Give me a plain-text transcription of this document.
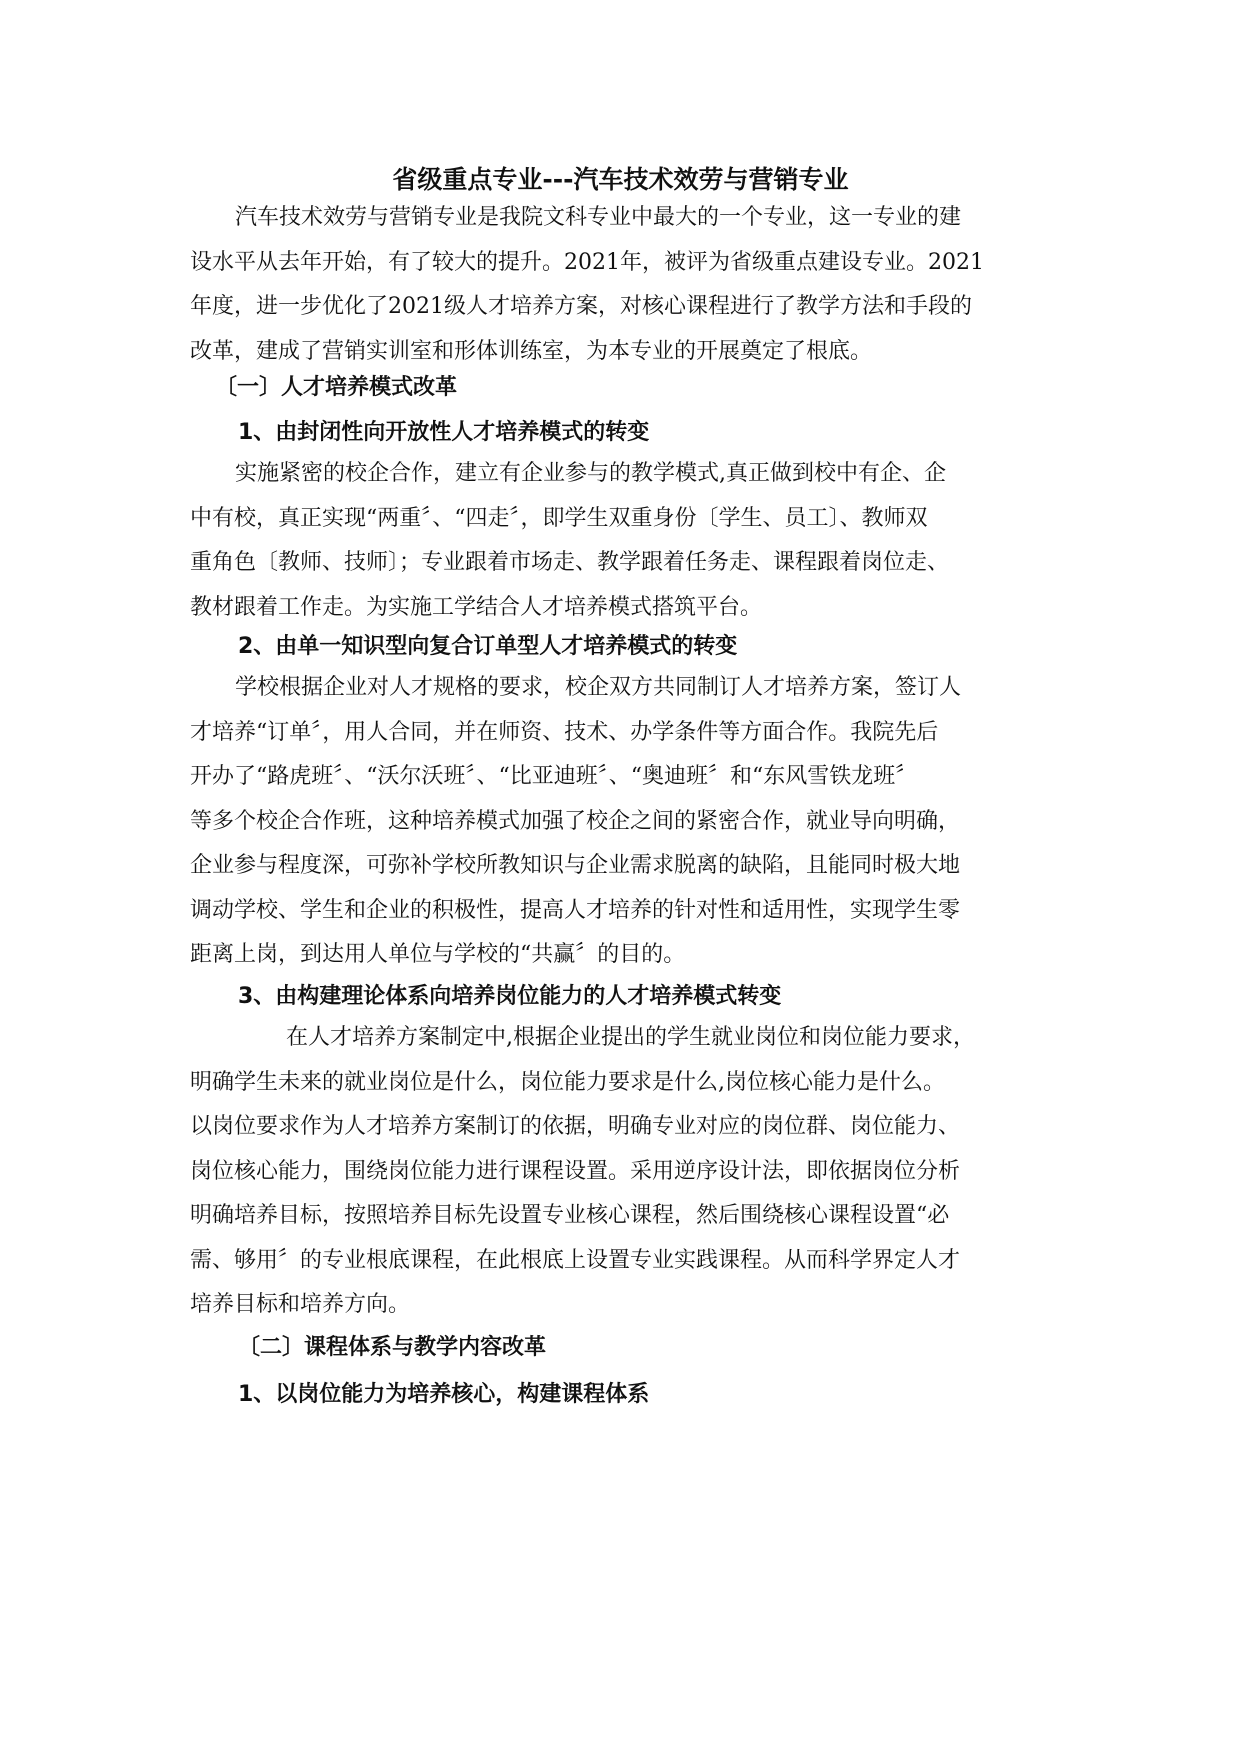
省级重点专业---汽车技术效劳与营销专业
汽车技术效劳与营销专业是我院文科专业中最大的一个专业，这一专业的建
设水平从去年开始，有了较大的提升。2021年，被评为省级重点建设专业。2021
年度，进一步优化了2021级人才培养方案，对核心课程进行了教学方法和手段的
改革，建成了营销实训室和形体训练室，为本专业的开展奠定了根底。
〔一〕人才培养模式改革
1、由封闭性向开放性人才培养模式的转变
实施紧密的校企合作，建立有企业参与的教学模式,真正做到校中有企、企
中有校，真正实现“两重〞、“四走〞，即学生双重身份〔学生、员工〕、教师双
重角色〔教师、技师〕；专业跟着市场走、教学跟着任务走、课程跟着岗位走、
教材跟着工作走。为实施工学结合人才培养模式搭筑平台。
2、由单一知识型向复合订单型人才培养模式的转变
学校根据企业对人才规格的要求，校企双方共同制订人才培养方案，签订人
才培养“订单〞，用人合同，并在师资、技术、办学条件等方面合作。我院先后
开办了“路虎班〞、“沃尔沃班〞、“比亚迪班〞、“奥迪班〞和“东风雪铁龙班〞
等多个校企合作班，这种培养模式加强了校企之间的紧密合作，就业导向明确，
企业参与程度深，可弥补学校所教知识与企业需求脱离的缺陷，且能同时极大地
调动学校、学生和企业的积极性，提高人才培养的针对性和适用性，实现学生零
距离上岗，到达用人单位与学校的“共赢〞的目的。
3、由构建理论体系向培养岗位能力的人才培养模式转变
在人才培养方案制定中,根据企业提出的学生就业岗位和岗位能力要求，
明确学生未来的就业岗位是什么，岗位能力要求是什么,岗位核心能力是什么。
以岗位要求作为人才培养方案制订的依据，明确专业对应的岗位群、岗位能力、
岗位核心能力，围绕岗位能力进行课程设置。采用逆序设计法，即依据岗位分析
明确培养目标，按照培养目标先设置专业核心课程，然后围绕核心课程设置“必
需、够用〞的专业根底课程，在此根底上设置专业实践课程。从而科学界定人才
培养目标和培养方向。
〔二〕课程体系与教学内容改革
1、以岗位能力为培养核心，构建课程体系
